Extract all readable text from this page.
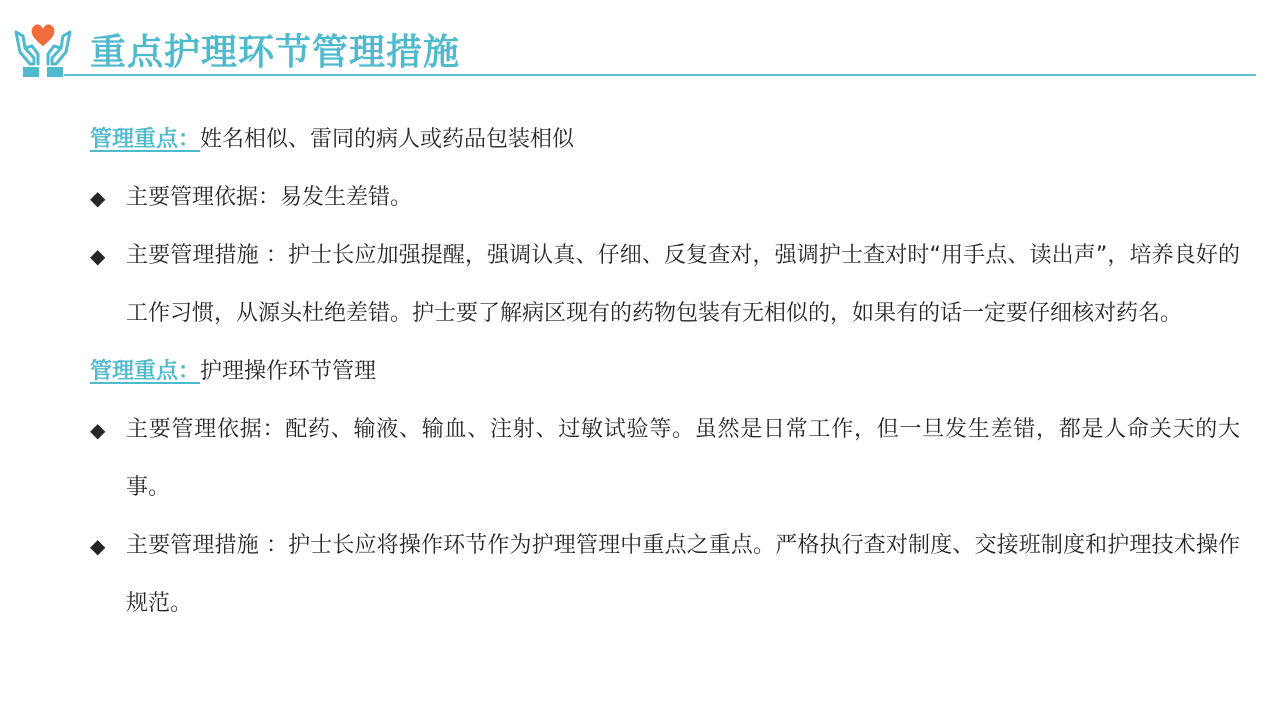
重点护理环节管理措施
管理重点：姓名相似、雷同的病人或药品包装相似
◆ 主要管理依据：易发生差错。
◆ 主要管理措施 ：护士长应加强提醒，强调认真、仔细、反复查对，强调护士查对时“用手点、读出声”，培养良好的工作习惯，从源头杜绝差错。护士要了解病区现有的药物包装有无相似的，如果有的话一定要仔细核对药名。
管理重点：护理操作环节管理
◆ 主要管理依据：配药、输液、输血、注射、过敏试验等。虽然是日常工作，但一旦发生差错，都是人命关天的大事。
◆ 主要管理措施 ：护士长应将操作环节作为护理管理中重点之重点。严格执行查对制度、交接班制度和护理技术操作规范。
